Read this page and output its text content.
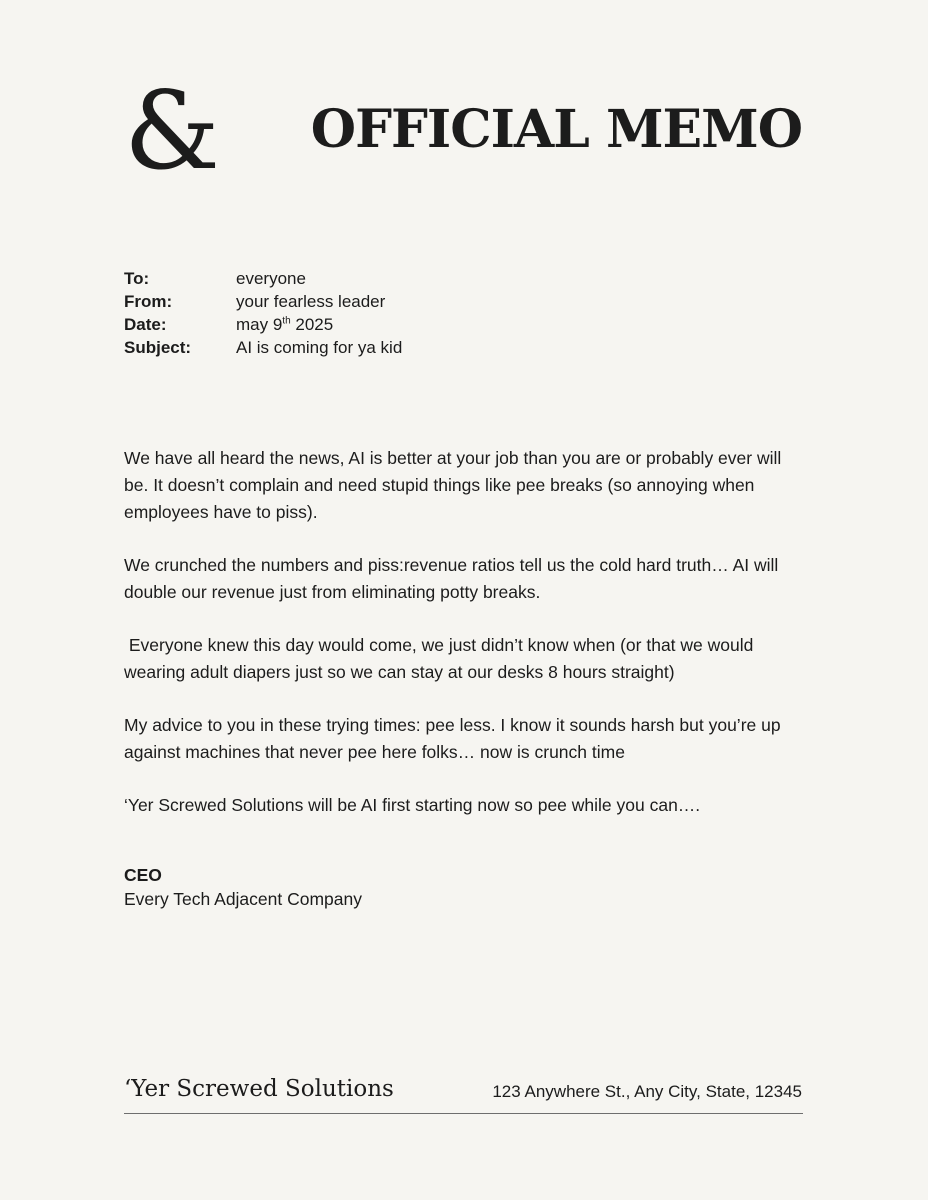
& OFFICIAL MEMO
To:	everyone
From:	your fearless leader
Date:	may 9th 2025
Subject:	AI is coming for ya kid

We have all heard the news, AI is better at your job than you are or probably ever will be. It doesn’t complain and need stupid things like pee breaks (so annoying when employees have to piss).

We crunched the numbers and piss:revenue ratios tell us the cold hard truth… AI will double our revenue just from eliminating potty breaks.

Everyone knew this day would come, we just didn’t know when (or that we would wearing adult diapers just so we can stay at our desks 8 hours straight)

My advice to you in these trying times: pee less. I know it sounds harsh but you’re up against machines that never pee here folks… now is crunch time

‘Yer Screwed Solutions will be AI first starting now so pee while you can….

CEO
Every Tech Adjacent Company
‘Yer Screwed Solutions	123 Anywhere St., Any City, State, 12345
